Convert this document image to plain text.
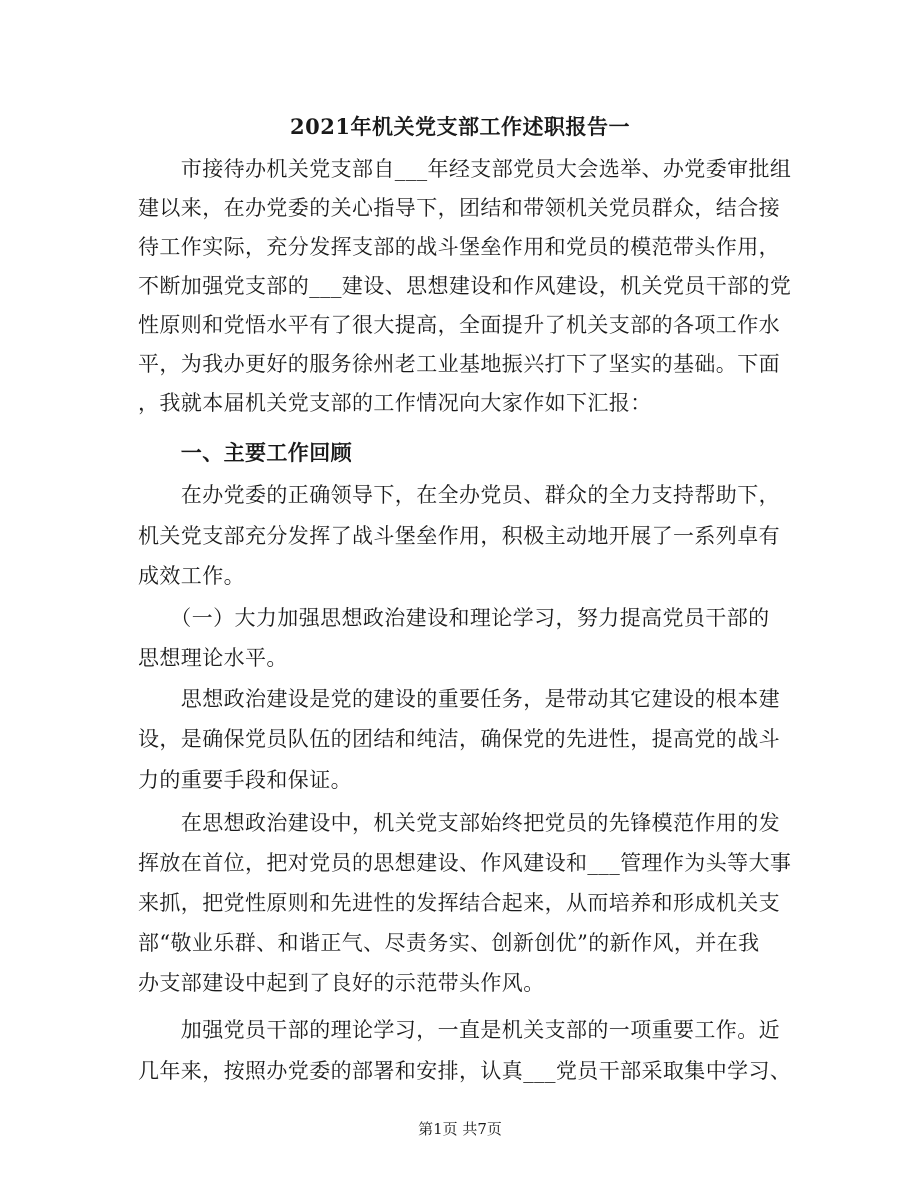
2021年机关党支部工作述职报告一
　　市接待办机关党支部自___年经支部党员大会选举、办党委审批组
建以来，在办党委的关心指导下，团结和带领机关党员群众，结合接
待工作实际，充分发挥支部的战斗堡垒作用和党员的模范带头作用，
不断加强党支部的___建设、思想建设和作风建设，机关党员干部的党
性原则和党悟水平有了很大提高，全面提升了机关支部的各项工作水
平，为我办更好的服务徐州老工业基地振兴打下了坚实的基础。下面
，我就本届机关党支部的工作情况向大家作如下汇报：
　　一、主要工作回顾
　　在办党委的正确领导下，在全办党员、群众的全力支持帮助下，
机关党支部充分发挥了战斗堡垒作用，积极主动地开展了一系列卓有
成效工作。
　　（一）大力加强思想政治建设和理论学习，努力提高党员干部的
思想理论水平。
　　思想政治建设是党的建设的重要任务，是带动其它建设的根本建
设，是确保党员队伍的团结和纯洁，确保党的先进性，提高党的战斗
力的重要手段和保证。
　　在思想政治建设中，机关党支部始终把党员的先锋模范作用的发
挥放在首位，把对党员的思想建设、作风建设和___管理作为头等大事
来抓，把党性原则和先进性的发挥结合起来，从而培养和形成机关支
部“敬业乐群、和谐正气、尽责务实、创新创优”的新作风，并在我
办支部建设中起到了良好的示范带头作风。
　　加强党员干部的理论学习，一直是机关支部的一项重要工作。近
几年来，按照办党委的部署和安排，认真___党员干部采取集中学习、
第1页 共7页
